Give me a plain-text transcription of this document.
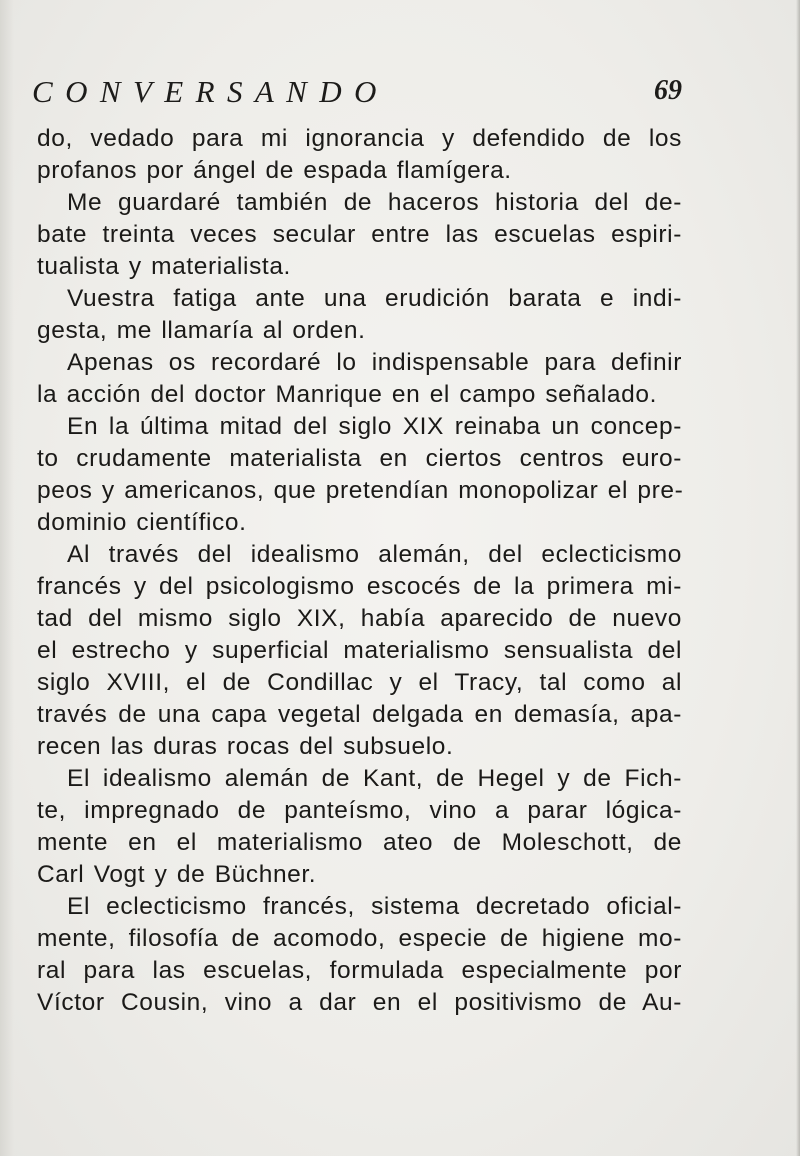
CONVERSANDO	69
do, vedado para mi ignorancia y defendido de los
profanos por ángel de espada flamígera.
Me guardaré también de haceros historia del de-
bate treinta veces secular entre las escuelas espiri-
tualista y materialista.
Vuestra fatiga ante una erudición barata e indi-
gesta, me llamaría al orden.
Apenas os recordaré lo indispensable para definir
la acción del doctor Manrique en el campo señalado.
En la última mitad del siglo XIX reinaba un concep-
to crudamente materialista en ciertos centros euro-
peos y americanos, que pretendían monopolizar el pre-
dominio científico.
Al través del idealismo alemán, del eclecticismo
francés y del psicologismo escocés de la primera mi-
tad del mismo siglo XIX, había aparecido de nuevo
el estrecho y superficial materialismo sensualista del
siglo XVIII, el de Condillac y el Tracy, tal como al
través de una capa vegetal delgada en demasía, apa-
recen las duras rocas del subsuelo.
El idealismo alemán de Kant, de Hegel y de Fich-
te, impregnado de panteísmo, vino a parar lógica-
mente en el materialismo ateo de Moleschott, de
Carl Vogt y de Büchner.
El eclecticismo francés, sistema decretado oficial-
mente, filosofía de acomodo, especie de higiene mo-
ral para las escuelas, formulada especialmente por
Víctor Cousin, vino a dar en el positivismo de Au-
